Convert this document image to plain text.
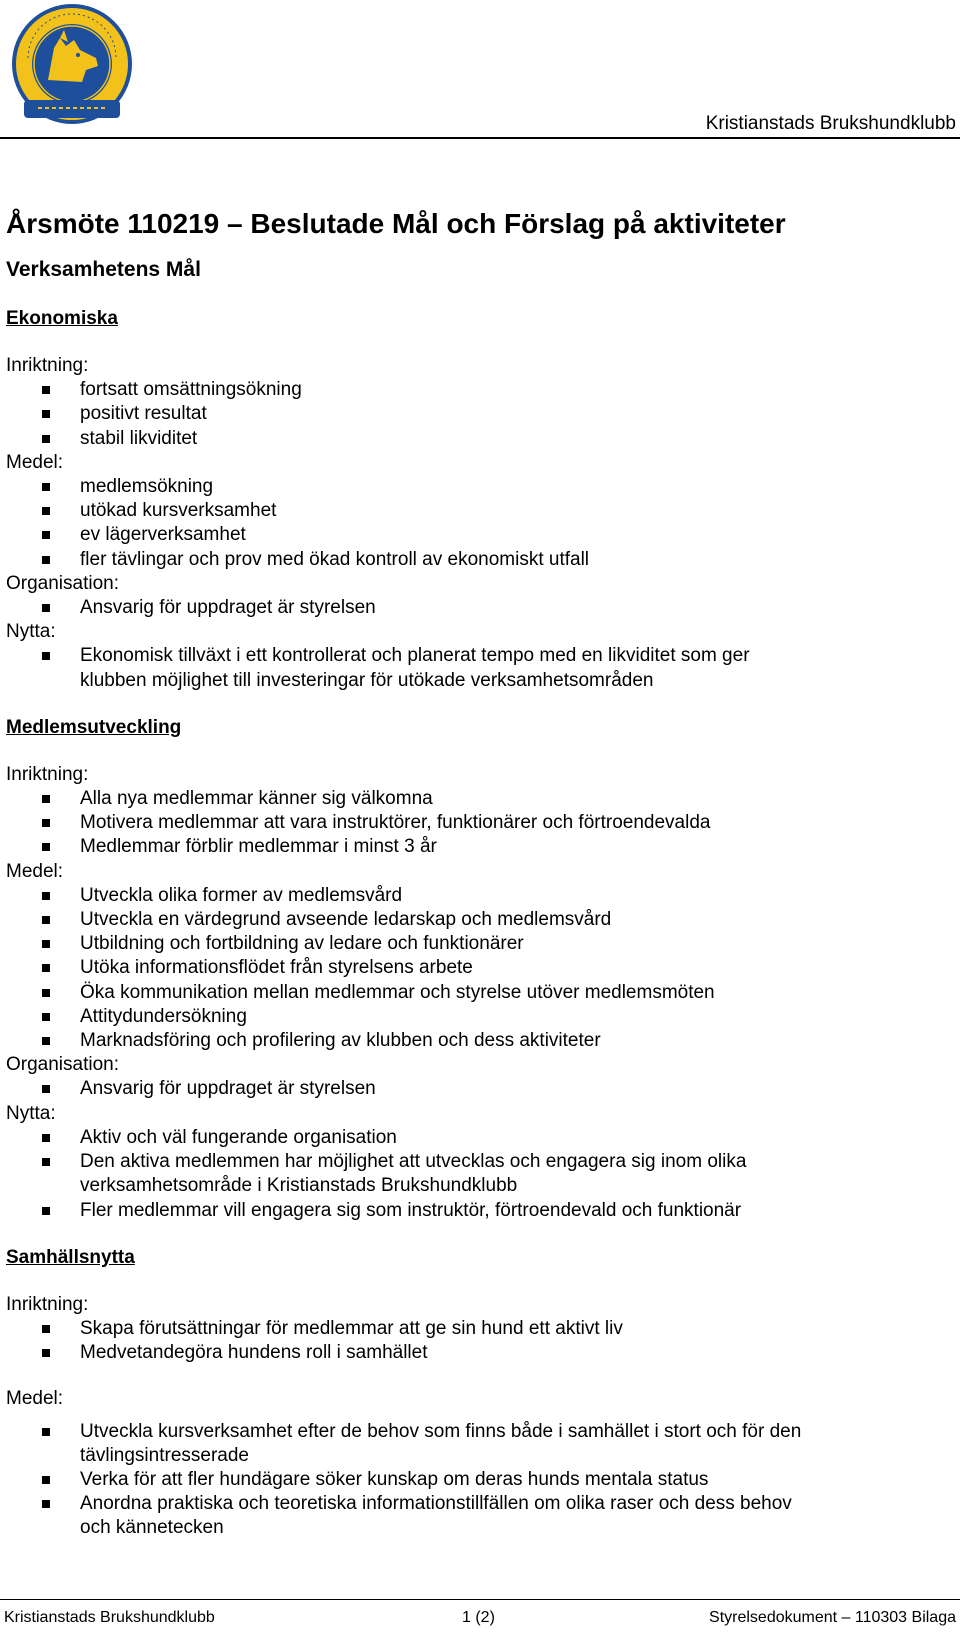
Kristianstads Brukshundklubb
Årsmöte 110219 – Beslutade Mål och Förslag på aktiviteter
Verksamhetens Mål
Ekonomiska
Inriktning:
fortsatt omsättningsökning
positivt resultat
stabil likviditet
Medel:
medlemsökning
utökad kursverksamhet
ev lägerverksamhet
fler tävlingar och prov med ökad kontroll av ekonomiskt utfall
Organisation:
Ansvarig för uppdraget är styrelsen
Nytta:
Ekonomisk tillväxt i ett kontrollerat och planerat tempo med en likviditet som ger klubben möjlighet till investeringar för utökade verksamhetsområden
Medlemsutveckling
Inriktning:
Alla nya medlemmar känner sig välkomna
Motivera medlemmar att vara instruktörer, funktionärer och förtroendevalda
Medlemmar förblir medlemmar i minst 3 år
Medel:
Utveckla olika former av medlemsvård
Utveckla en värdegrund avseende ledarskap och medlemsvård
Utbildning och fortbildning av ledare och funktionärer
Utöka informationsflödet från styrelsens arbete
Öka kommunikation mellan medlemmar och styrelse utöver medlemsmöten
Attitydundersökning
Marknadsföring och profilering av klubben och dess aktiviteter
Organisation:
Ansvarig för uppdraget är styrelsen
Nytta:
Aktiv och väl fungerande organisation
Den aktiva medlemmen har möjlighet att utvecklas och engagera sig inom olika verksamhetsområde i Kristianstads Brukshundklubb
Fler medlemmar vill engagera sig som instruktör, förtroendevald och funktionär
Samhällsnytta
Inriktning:
Skapa förutsättningar för medlemmar att ge sin hund ett aktivt liv
Medvetandegöra hundens roll i samhället
Medel:
Utveckla kursverksamhet efter de behov som finns både i samhället i stort och för den tävlingsintresserade
Verka för att fler hundägare söker kunskap om deras hunds mentala status
Anordna praktiska och teoretiska informationstillfällen om olika raser och dess behov och kännetecken
Kristianstads Brukshundklubb	1 (2)	Styrelsedokument – 110303 Bilaga
